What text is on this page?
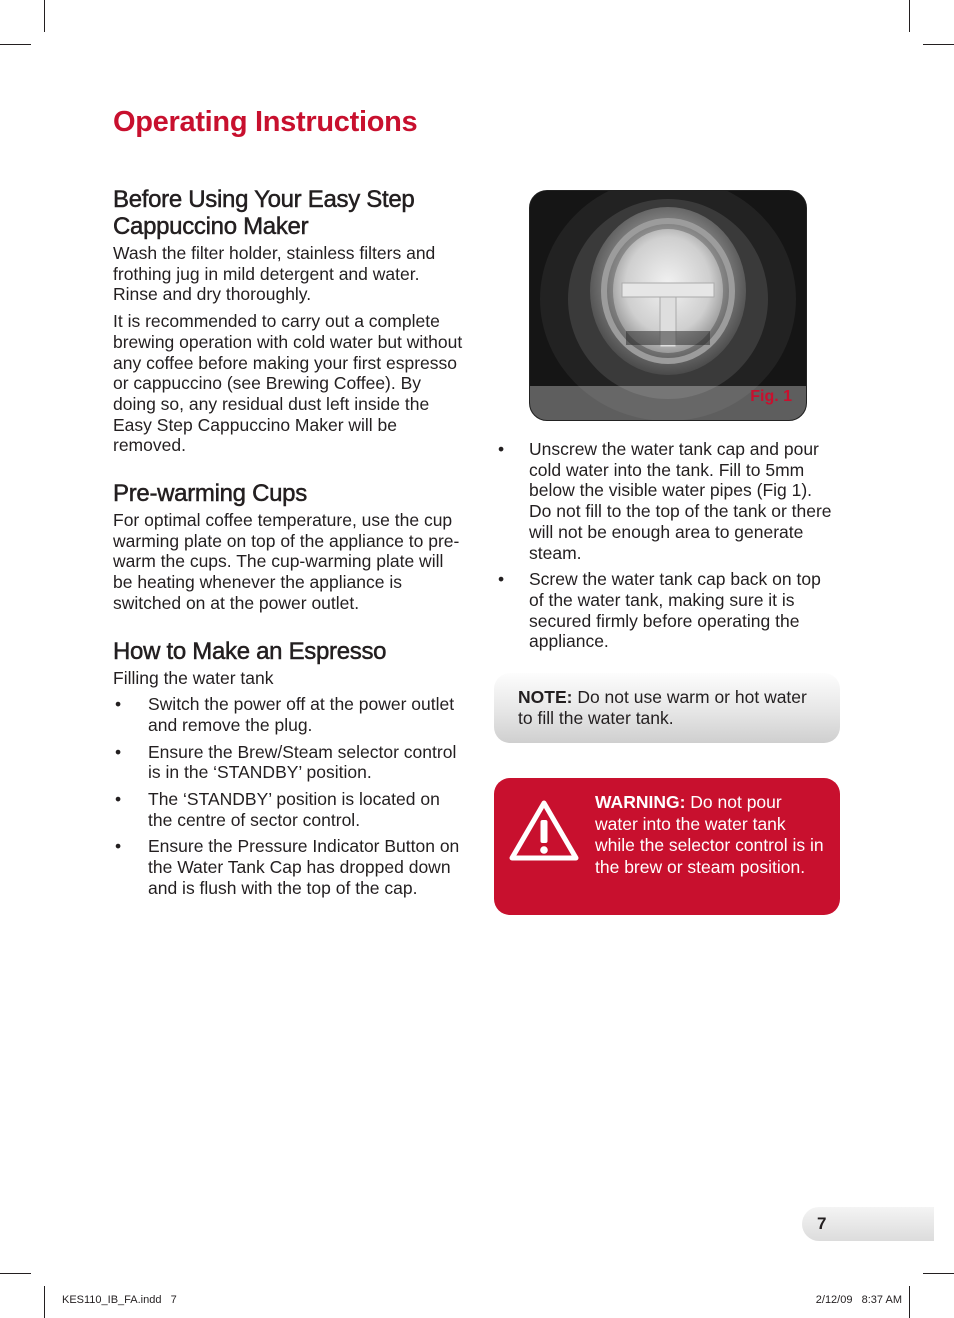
Operating Instructions
Before Using Your Easy Step Cappuccino Maker

Wash the filter holder, stainless filters and frothing jug in mild detergent and water. Rinse and dry thoroughly.

It is recommended to carry out a complete brewing operation with cold water but without any coffee before making your first espresso or cappuccino (see Brewing Coffee). By doing so, any residual dust left inside the Easy Step Cappuccino Maker will be removed.

Pre-warming Cups

For optimal coffee temperature, use the cup warming plate on top of the appliance to pre-warm the cups. The cup-warming plate will be heating whenever the appliance is switched on at the power outlet.

How to Make an Espresso

Filling the water tank

• Switch the power off at the power outlet and remove the plug.
• Ensure the Brew/Steam selector control is in the ‘STANDBY’ position.
• The ‘STANDBY’ position is located on the centre of sector control.
• Ensure the Pressure Indicator Button on the Water Tank Cap has dropped down and is flush with the top of the cap.
Fig. 1
• Unscrew the water tank cap and pour cold water into the tank. Fill to 5mm below the visible water pipes (Fig 1). Do not fill to the top of the tank or there will not be enough area to generate steam.
• Screw the water tank cap back on top of the water tank, making sure it is secured firmly before operating the appliance.
NOTE: Do not use warm or hot water to fill the water tank.
WARNING: Do not pour water into the water tank while the selector control is in the brew or steam position.
7
KES110_IB_FA.indd   7	2/12/09   8:37 AM
